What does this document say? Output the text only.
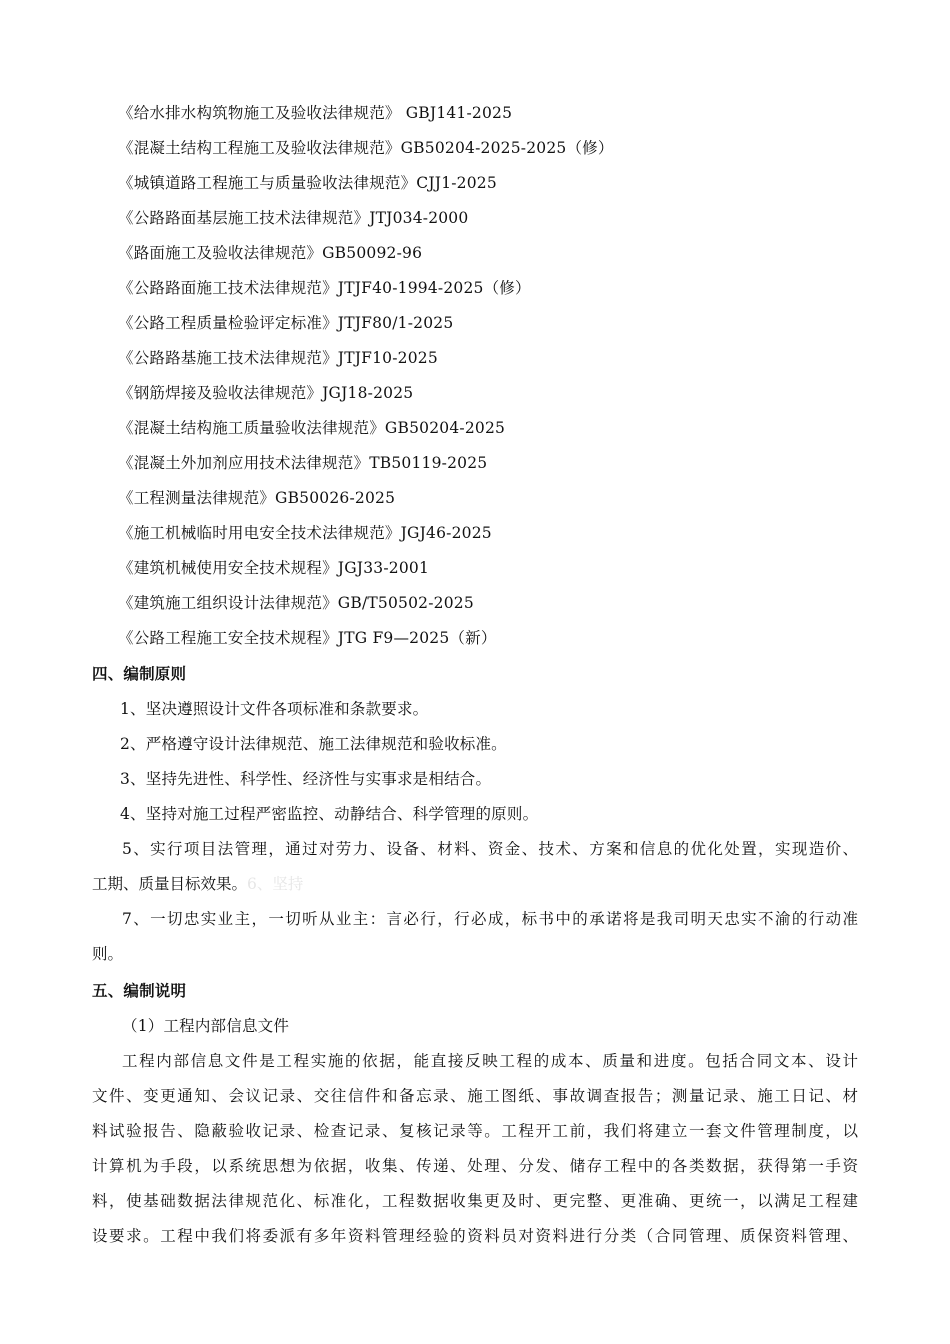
《给水排水构筑物施工及验收法律规范》 GBJ141-2025
《混凝土结构工程施工及验收法律规范》GB50204-2025-2025（修）
《城镇道路工程施工与质量验收法律规范》CJJ1-2025
《公路路面基层施工技术法律规范》JTJ034-2000
《路面施工及验收法律规范》GB50092-96
《公路路面施工技术法律规范》JTJF40-1994-2025（修）
《公路工程质量检验评定标准》JTJF80/1-2025
《公路路基施工技术法律规范》JTJF10-2025
《钢筋焊接及验收法律规范》JGJ18-2025
《混凝土结构施工质量验收法律规范》GB50204-2025
《混凝土外加剂应用技术法律规范》TB50119-2025
《工程测量法律规范》GB50026-2025
《施工机械临时用电安全技术法律规范》JGJ46-2025
《建筑机械使用安全技术规程》JGJ33-2001
《建筑施工组织设计法律规范》GB/T50502-2025
《公路工程施工安全技术规程》JTG F9—2025（新）
四、编制原则
1、坚决遵照设计文件各项标准和条款要求。
2、严格遵守设计法律规范、施工法律规范和验收标准。
3、坚持先进性、科学性、经济性与实事求是相结合。
4、坚持对施工过程严密监控、动静结合、科学管理的原则。
5、实行项目法管理，通过对劳力、设备、材料、资金、技术、方案和信息的优化处置，实现造价、
工期、质量目标效果。6、坚持
7、一切忠实业主，一切听从业主：言必行，行必成，标书中的承诺将是我司明天忠实不渝的行动准
则。
五、编制说明
（1）工程内部信息文件
工程内部信息文件是工程实施的依据，能直接反映工程的成本、质量和进度。包括合同文本、设计
文件、变更通知、会议记录、交往信件和备忘录、施工图纸、事故调查报告；测量记录、施工日记、材
料试验报告、隐蔽验收记录、检查记录、复核记录等。工程开工前，我们将建立一套文件管理制度，以
计算机为手段，以系统思想为依据，收集、传递、处理、分发、储存工程中的各类数据，获得第一手资
料，使基础数据法律规范化、标准化，工程数据收集更及时、更完整、更准确、更统一，以满足工程建
设要求。工程中我们将委派有多年资料管理经验的资料员对资料进行分类（合同管理、质保资料管理、
